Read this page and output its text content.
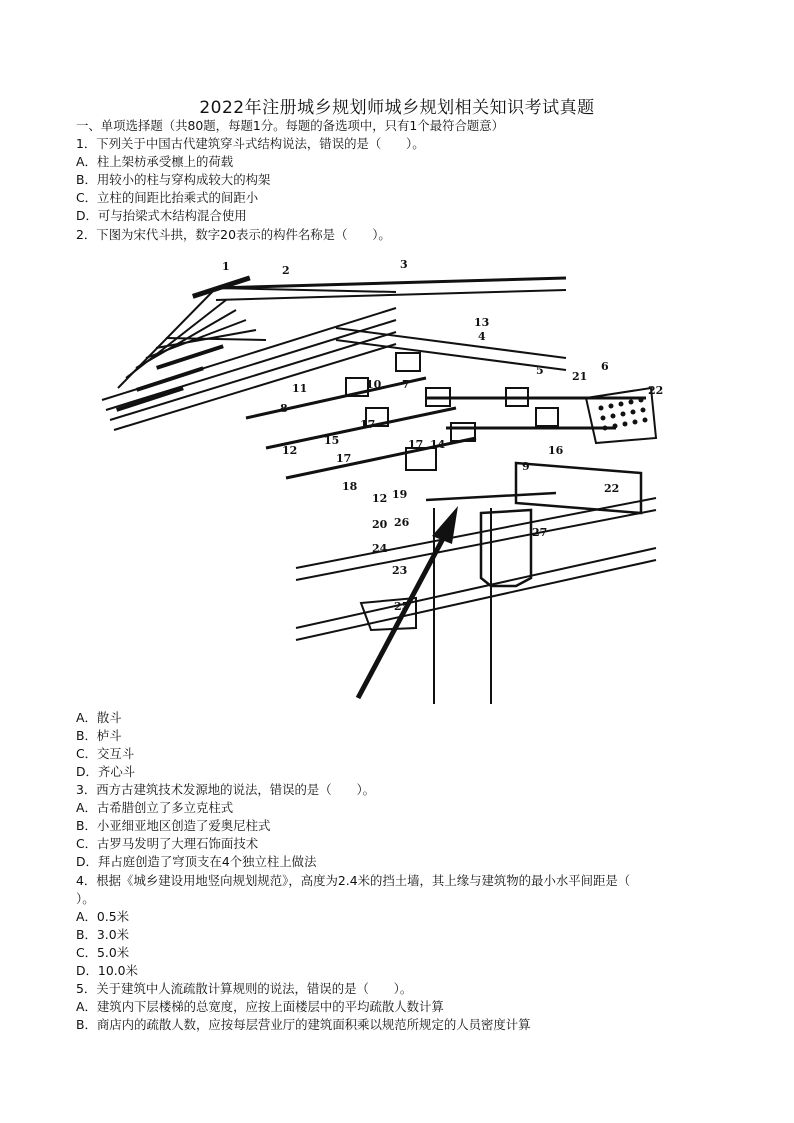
2022年注册城乡规划师城乡规划相关知识考试真题
一、单项选择题（共80题，每题1分。每题的备选项中，只有1个最符合题意）
1．下列关于中国古代建筑穿斗式结构说法，错误的是（　　）。
A．柱上架枋承受檩上的荷载
B．用较小的柱与穿构成较大的构架
C．立柱的间距比抬乘式的间距小
D．可与抬梁式木结构混合使用
2．下图为宋代斗拱，数字20表示的构件名称是（　　）。
1	2	3
4
5	6
7
8
9
10
11
12
12
13
14
15
16
17
17
17
18
19
20
21
22
22
23
24
25
26
27
A．散斗
B．栌斗
C．交互斗
D．齐心斗
3．西方古建筑技术发源地的说法，错误的是（　　）。
A．古希腊创立了多立克柱式
B．小亚细亚地区创造了爱奥尼柱式
C．古罗马发明了大理石饰面技术
D．拜占庭创造了穹顶支在4个独立柱上做法
4．根据《城乡建设用地竖向规划规范》，高度为2.4米的挡土墙，其上缘与建筑物的最小水平间距是（
）。
A．0.5米
B．3.0米
C．5.0米
D．10.0米
5．关于建筑中人流疏散计算规则的说法，错误的是（　　）。
A．建筑内下层楼梯的总宽度，应按上面楼层中的平均疏散人数计算
B．商店内的疏散人数，应按每层营业厅的建筑面积乘以规范所规定的人员密度计算
